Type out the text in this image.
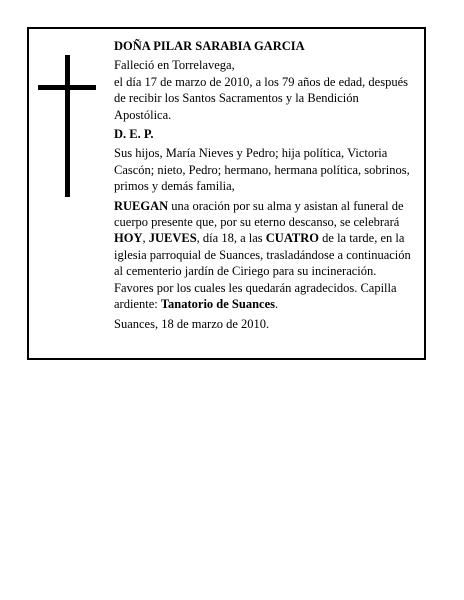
DOÑA PILAR SARABIA GARCIA

Falleció en Torrelavega,

el día 17 de marzo de 2010, a los 79 años de edad, después de recibir los Santos Sacramentos y la Bendición Apostólica.

D. E. P.

Sus hijos, María Nieves y Pedro; hija política, Victoria Cascón; nieto, Pedro; hermano, hermana política, sobrinos, primos y demás familia,

RUEGAN una oración por su alma y asistan al funeral de cuerpo presente que, por su eterno descanso, se celebrará HOY, JUEVES, día 18, a las CUATRO de la tarde, en la iglesia parroquial de Suances, trasladándose a continuación al cementerio jardín de Ciriego para su incineración. Favores por los cuales les quedarán agradecidos. Capilla ardiente: Tanatorio de Suances.

Suances, 18 de marzo de 2010.
